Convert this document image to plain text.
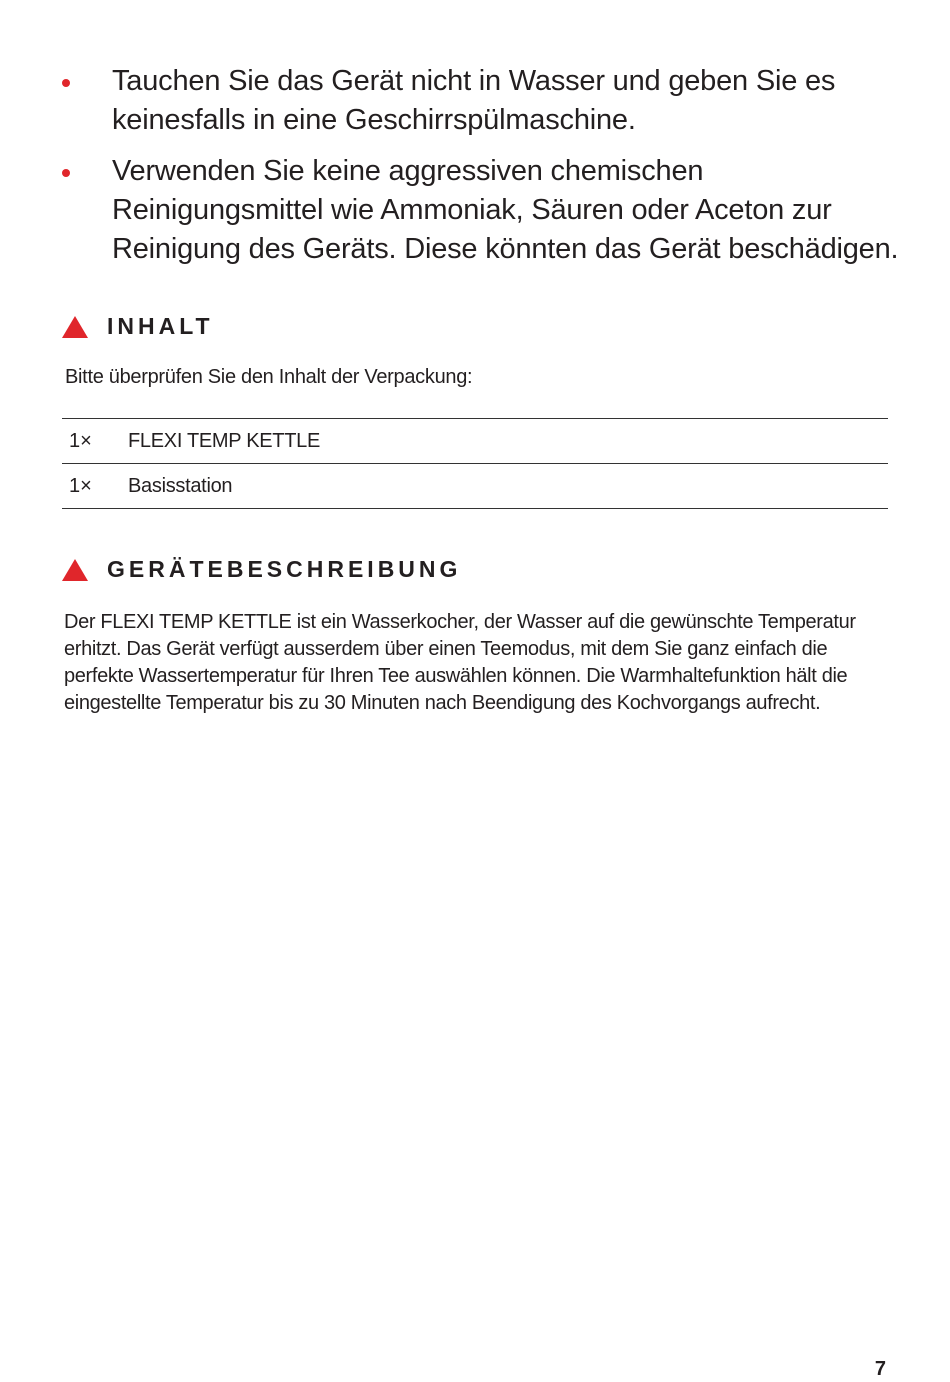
Tauchen Sie das Gerät nicht in Wasser und geben Sie es keinesfalls in eine Geschirrspülmaschine.
Verwenden Sie keine aggressiven chemischen Reinigungsmittel wie Ammoniak, Säuren oder Aceton zur Reinigung des Geräts. Diese könnten das Gerät beschädigen.
INHALT
Bitte überprüfen Sie den Inhalt der Verpackung:
1×	FLEXI TEMP KETTLE
1×	Basisstation
GERÄTEBESCHREIBUNG

Der FLEXI TEMP KETTLE ist ein Wasserkocher, der Wasser auf die gewünschte Temperatur erhitzt. Das Gerät verfügt ausserdem über einen Teemodus, mit dem Sie ganz einfach die perfekte Wassertemperatur für Ihren Tee auswählen können. Die Warmhaltefunktion hält die eingestellte Temperatur bis zu 30 Minuten nach Beendigung des Kochvorgangs aufrecht.

7
